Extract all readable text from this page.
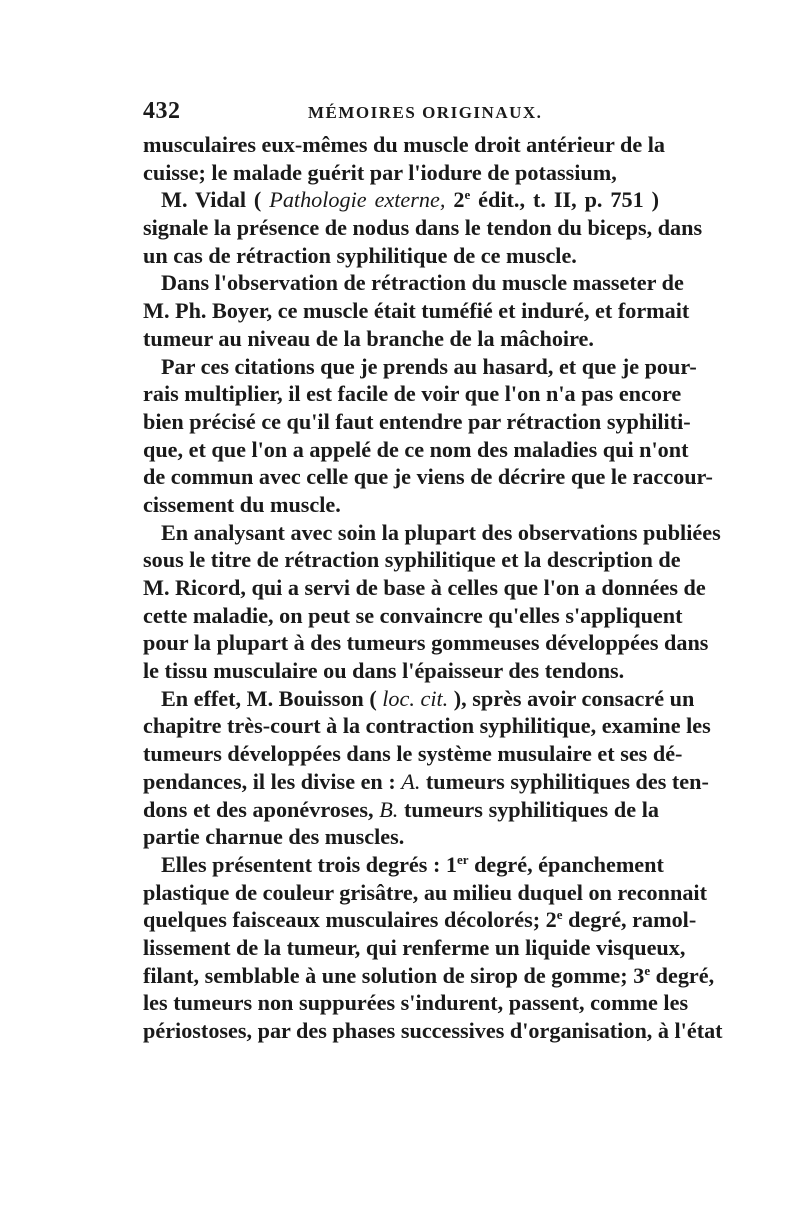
432	MÉMOIRES ORIGINAUX.
musculaires eux-mêmes du muscle droit antérieur de la
cuisse; le malade guérit par l'iodure de potassium,
M. Vidal ( Pathologie externe, 2e édit., t. II, p. 751 )
signale la présence de nodus dans le tendon du biceps, dans
un cas de rétraction syphilitique de ce muscle.
Dans l'observation de rétraction du muscle masseter de
M. Ph. Boyer, ce muscle était tuméfié et induré, et formait
tumeur au niveau de la branche de la mâchoire.
Par ces citations que je prends au hasard, et que je pour-
rais multiplier, il est facile de voir que l'on n'a pas encore
bien précisé ce qu'il faut entendre par rétraction syphiliti-
que, et que l'on a appelé de ce nom des maladies qui n'ont
de commun avec celle que je viens de décrire que le raccour-
cissement du muscle.
En analysant avec soin la plupart des observations publiées
sous le titre de rétraction syphilitique et la description de
M. Ricord, qui a servi de base à celles que l'on a données de
cette maladie, on peut se convaincre qu'elles s'appliquent
pour la plupart à des tumeurs gommeuses développées dans
le tissu musculaire ou dans l'épaisseur des tendons.
En effet, M. Bouisson ( loc. cit. ), sprès avoir consacré un
chapitre très-court à la contraction syphilitique, examine les
tumeurs développées dans le système musulaire et ses dé-
pendances, il les divise en : A. tumeurs syphilitiques des ten-
dons et des aponévroses, B. tumeurs syphilitiques de la
partie charnue des muscles.
Elles présentent trois degrés : 1er degré, épanchement
plastique de couleur grisâtre, au milieu duquel on reconnait
quelques faisceaux musculaires décolorés; 2e degré, ramol-
lissement de la tumeur, qui renferme un liquide visqueux,
filant, semblable à une solution de sirop de gomme; 3e degré,
les tumeurs non suppurées s'indurent, passent, comme les
périostoses, par des phases successives d'organisation, à l'état
